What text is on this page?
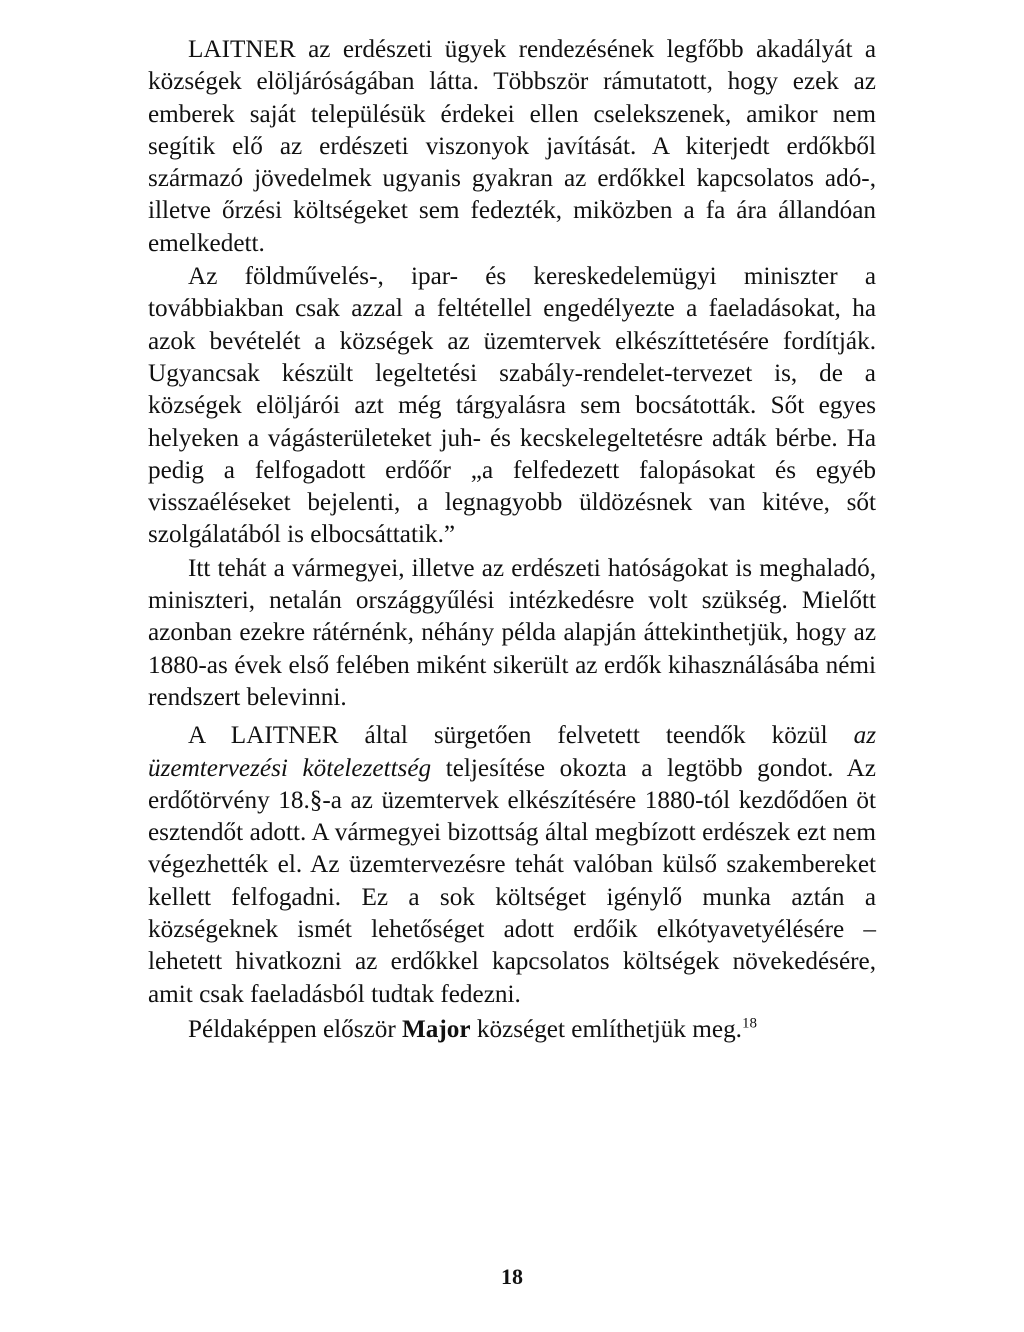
LAITNER az erdészeti ügyek rendezésének legfőbb akadályát a községek elöljáróságában látta. Többször rámutatott, hogy ezek az emberek saját településük érdekei ellen cselekszenek, amikor nem segítik elő az erdészeti viszonyok javítását. A kiterjedt erdőkből származó jövedelmek ugyanis gyakran az erdőkkel kapcsolatos adó-, illetve őrzési költségeket sem fedezték, miközben a fa ára állandóan emelkedett.

Az földművelés-, ipar- és kereskedelemügyi miniszter a továbbiakban csak azzal a feltétellel engedélyezte a faeladásokat, ha azok bevételét a községek az üzemtervek elkészíttetésére fordítják. Ugyancsak készült legeltetési szabály-rendelet-tervezet is, de a községek elöljárói azt még tárgyalásra sem bocsátották. Sőt egyes helyeken a vágásterületeket juh- és kecskelegeltetésre adták bérbe. Ha pedig a felfogadott erdőőr „a felfedezett falopásokat és egyéb visszaéléseket bejelenti, a legnagyobb üldözésnek van kitéve, sőt szolgálatából is elbocsáttatik.”

Itt tehát a vármegyei, illetve az erdészeti hatóságokat is meghaladó, miniszteri, netalán országgyűlési intézkedésre volt szükség. Mielőtt azonban ezekre rátérnénk, néhány példa alapján áttekinthetjük, hogy az 1880-as évek első felében miként sikerült az erdők kihasználásába némi rendszert belevinni.

A LAITNER által sürgetően felvetett teendők közül az üzemtervezési kötelezettség teljesítése okozta a legtöbb gondot. Az erdőtörvény 18.§-a az üzemtervek elkészítésére 1880-tól kezdődően öt esztendőt adott. A vármegyei bizottság által megbízott erdészek ezt nem végezhették el. Az üzemtervezésre tehát valóban külső szakembereket kellett felfogadni. Ez a sok költséget igénylő munka aztán a községeknek ismét lehetőséget adott erdőik elkótyavetyélésére – lehetett hivatkozni az erdőkkel kapcsolatos költségek növekedésére, amit csak faeladásból tudtak fedezni.

Példaképpen először Major községet említhetjük meg.$^{18}$

18
